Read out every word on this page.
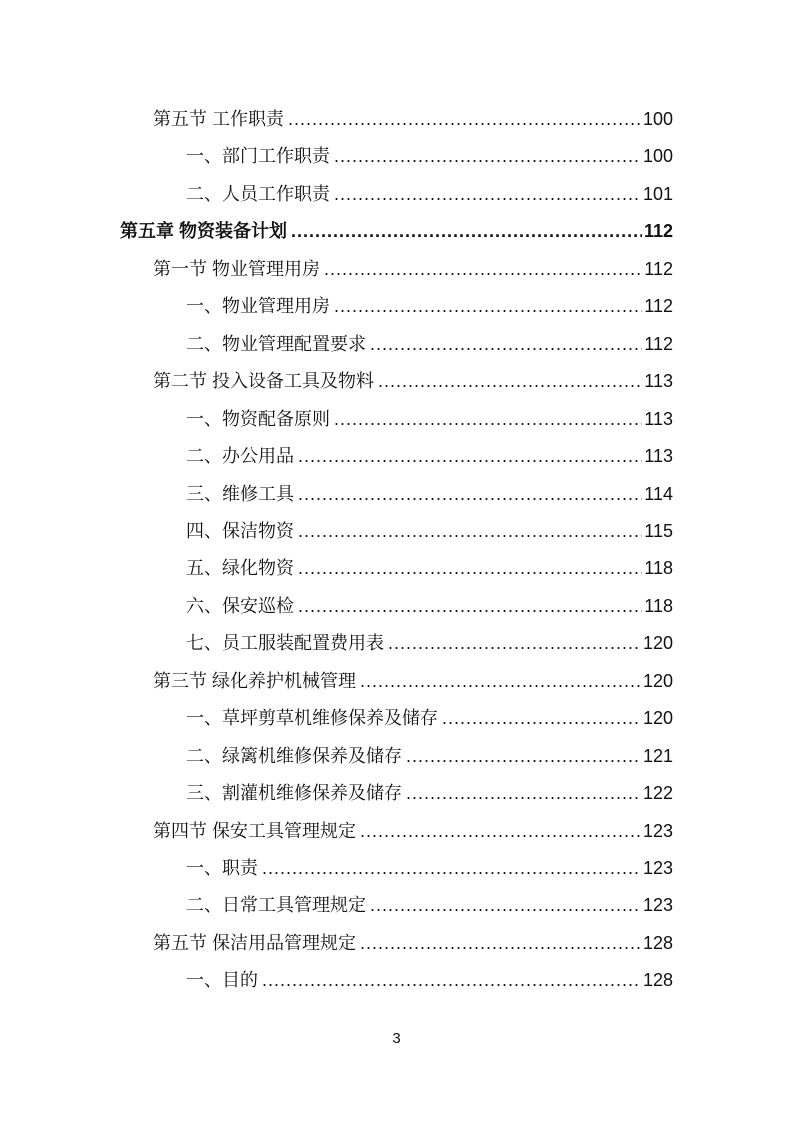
第五节 工作职责 .....	100
一、部门工作职责 .....	100
二、人员工作职责 .....	101
第五章 物资装备计划 .....	112
第一节 物业管理用房 .....	112
一、物业管理用房 .....	112
二、物业管理配置要求 .....	112
第二节 投入设备工具及物料 .....	113
一、物资配备原则 .....	113
二、办公用品 .....	113
三、维修工具 .....	114
四、保洁物资 .....	115
五、绿化物资 .....	118
六、保安巡检 .....	118
七、员工服装配置费用表 .....	120
第三节 绿化养护机械管理 .....	120
一、草坪剪草机维修保养及储存 .....	120
二、绿篱机维修保养及储存 .....	121
三、割灌机维修保养及储存 .....	122
第四节 保安工具管理规定 .....	123
一、职责 .....	123
二、日常工具管理规定 .....	123
第五节 保洁用品管理规定 .....	128
一、目的 .....	128
3
